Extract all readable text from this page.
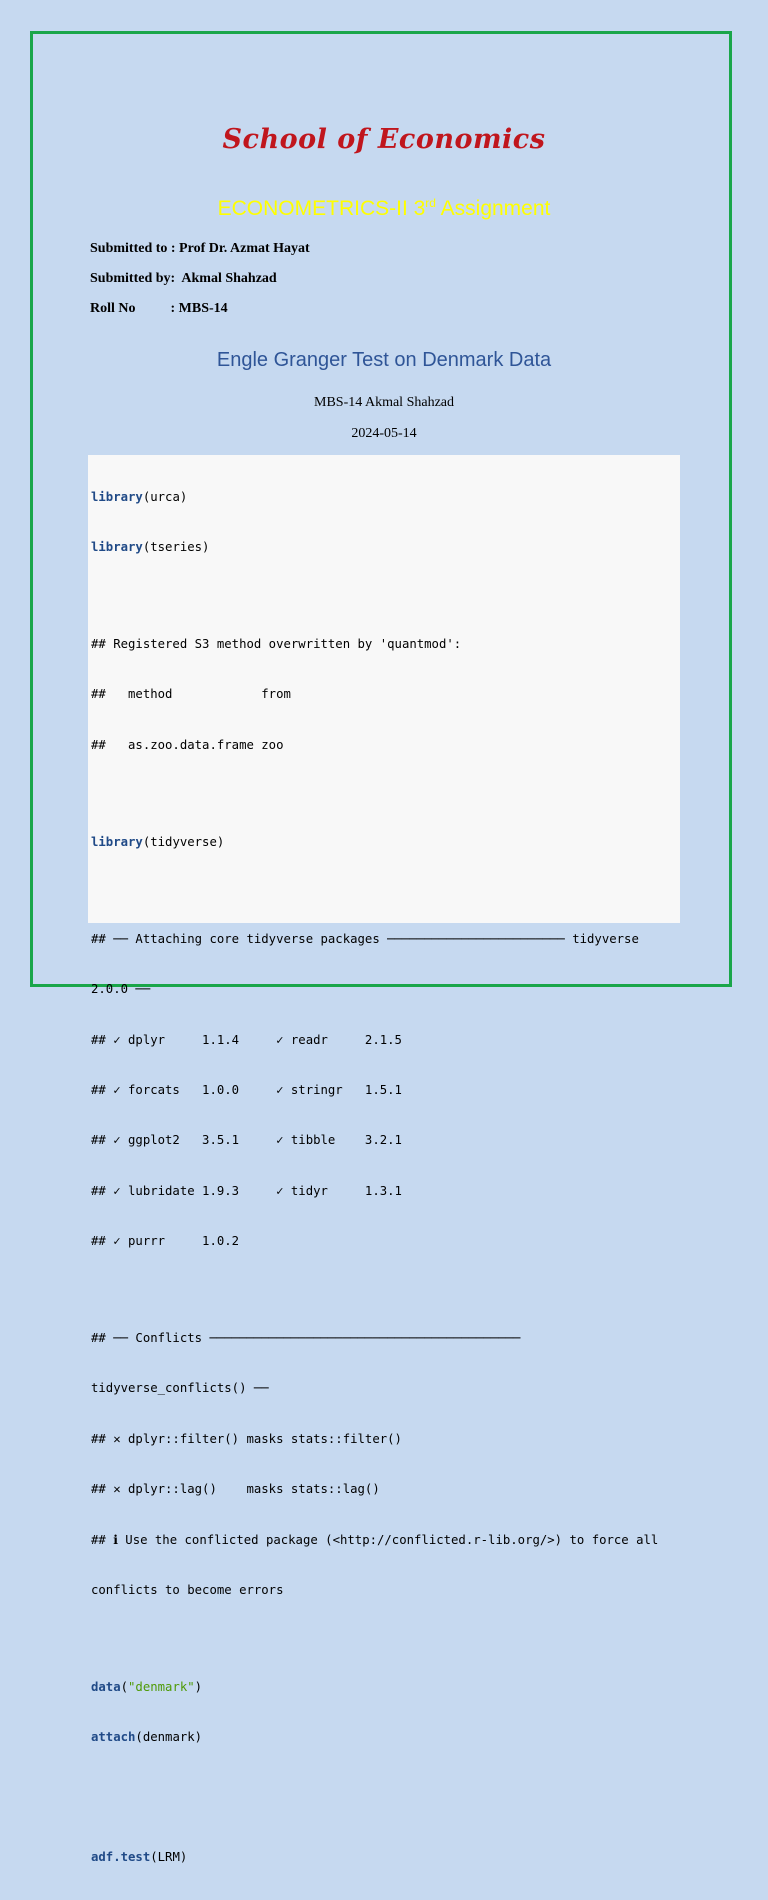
School of Economics
ECONOMETRICS-II 3rd Assignment
Submitted to : Prof Dr. Azmat Hayat
Submitted by:  Akmal Shahzad
Roll No          : MBS-14
Engle Granger Test on Denmark Data
MBS-14 Akmal Shahzad
2024-05-14

library(urca)

library(tseries)

## Registered S3 method overwritten by 'quantmod':

##   method            from

##   as.zoo.data.frame zoo

library(tidyverse)

## ── Attaching core tidyverse packages ──────────────────────── tidyverse

2.0.0 ──

## ✓ dplyr     1.1.4     ✓ readr     2.1.5

## ✓ forcats   1.0.0     ✓ stringr   1.5.1

## ✓ ggplot2   3.5.1     ✓ tibble    3.2.1

## ✓ lubridate 1.9.3     ✓ tidyr     1.3.1

## ✓ purrr     1.0.2

## ── Conflicts ──────────────────────────────────────────

tidyverse_conflicts() ──

## ✕ dplyr::filter() masks stats::filter()

## ✕ dplyr::lag()    masks stats::lag()

## ℹ Use the conflicted package (<http://conflicted.r-lib.org/>) to force all

conflicts to become errors

data("denmark")

attach(denmark)

adf.test(LRM)
